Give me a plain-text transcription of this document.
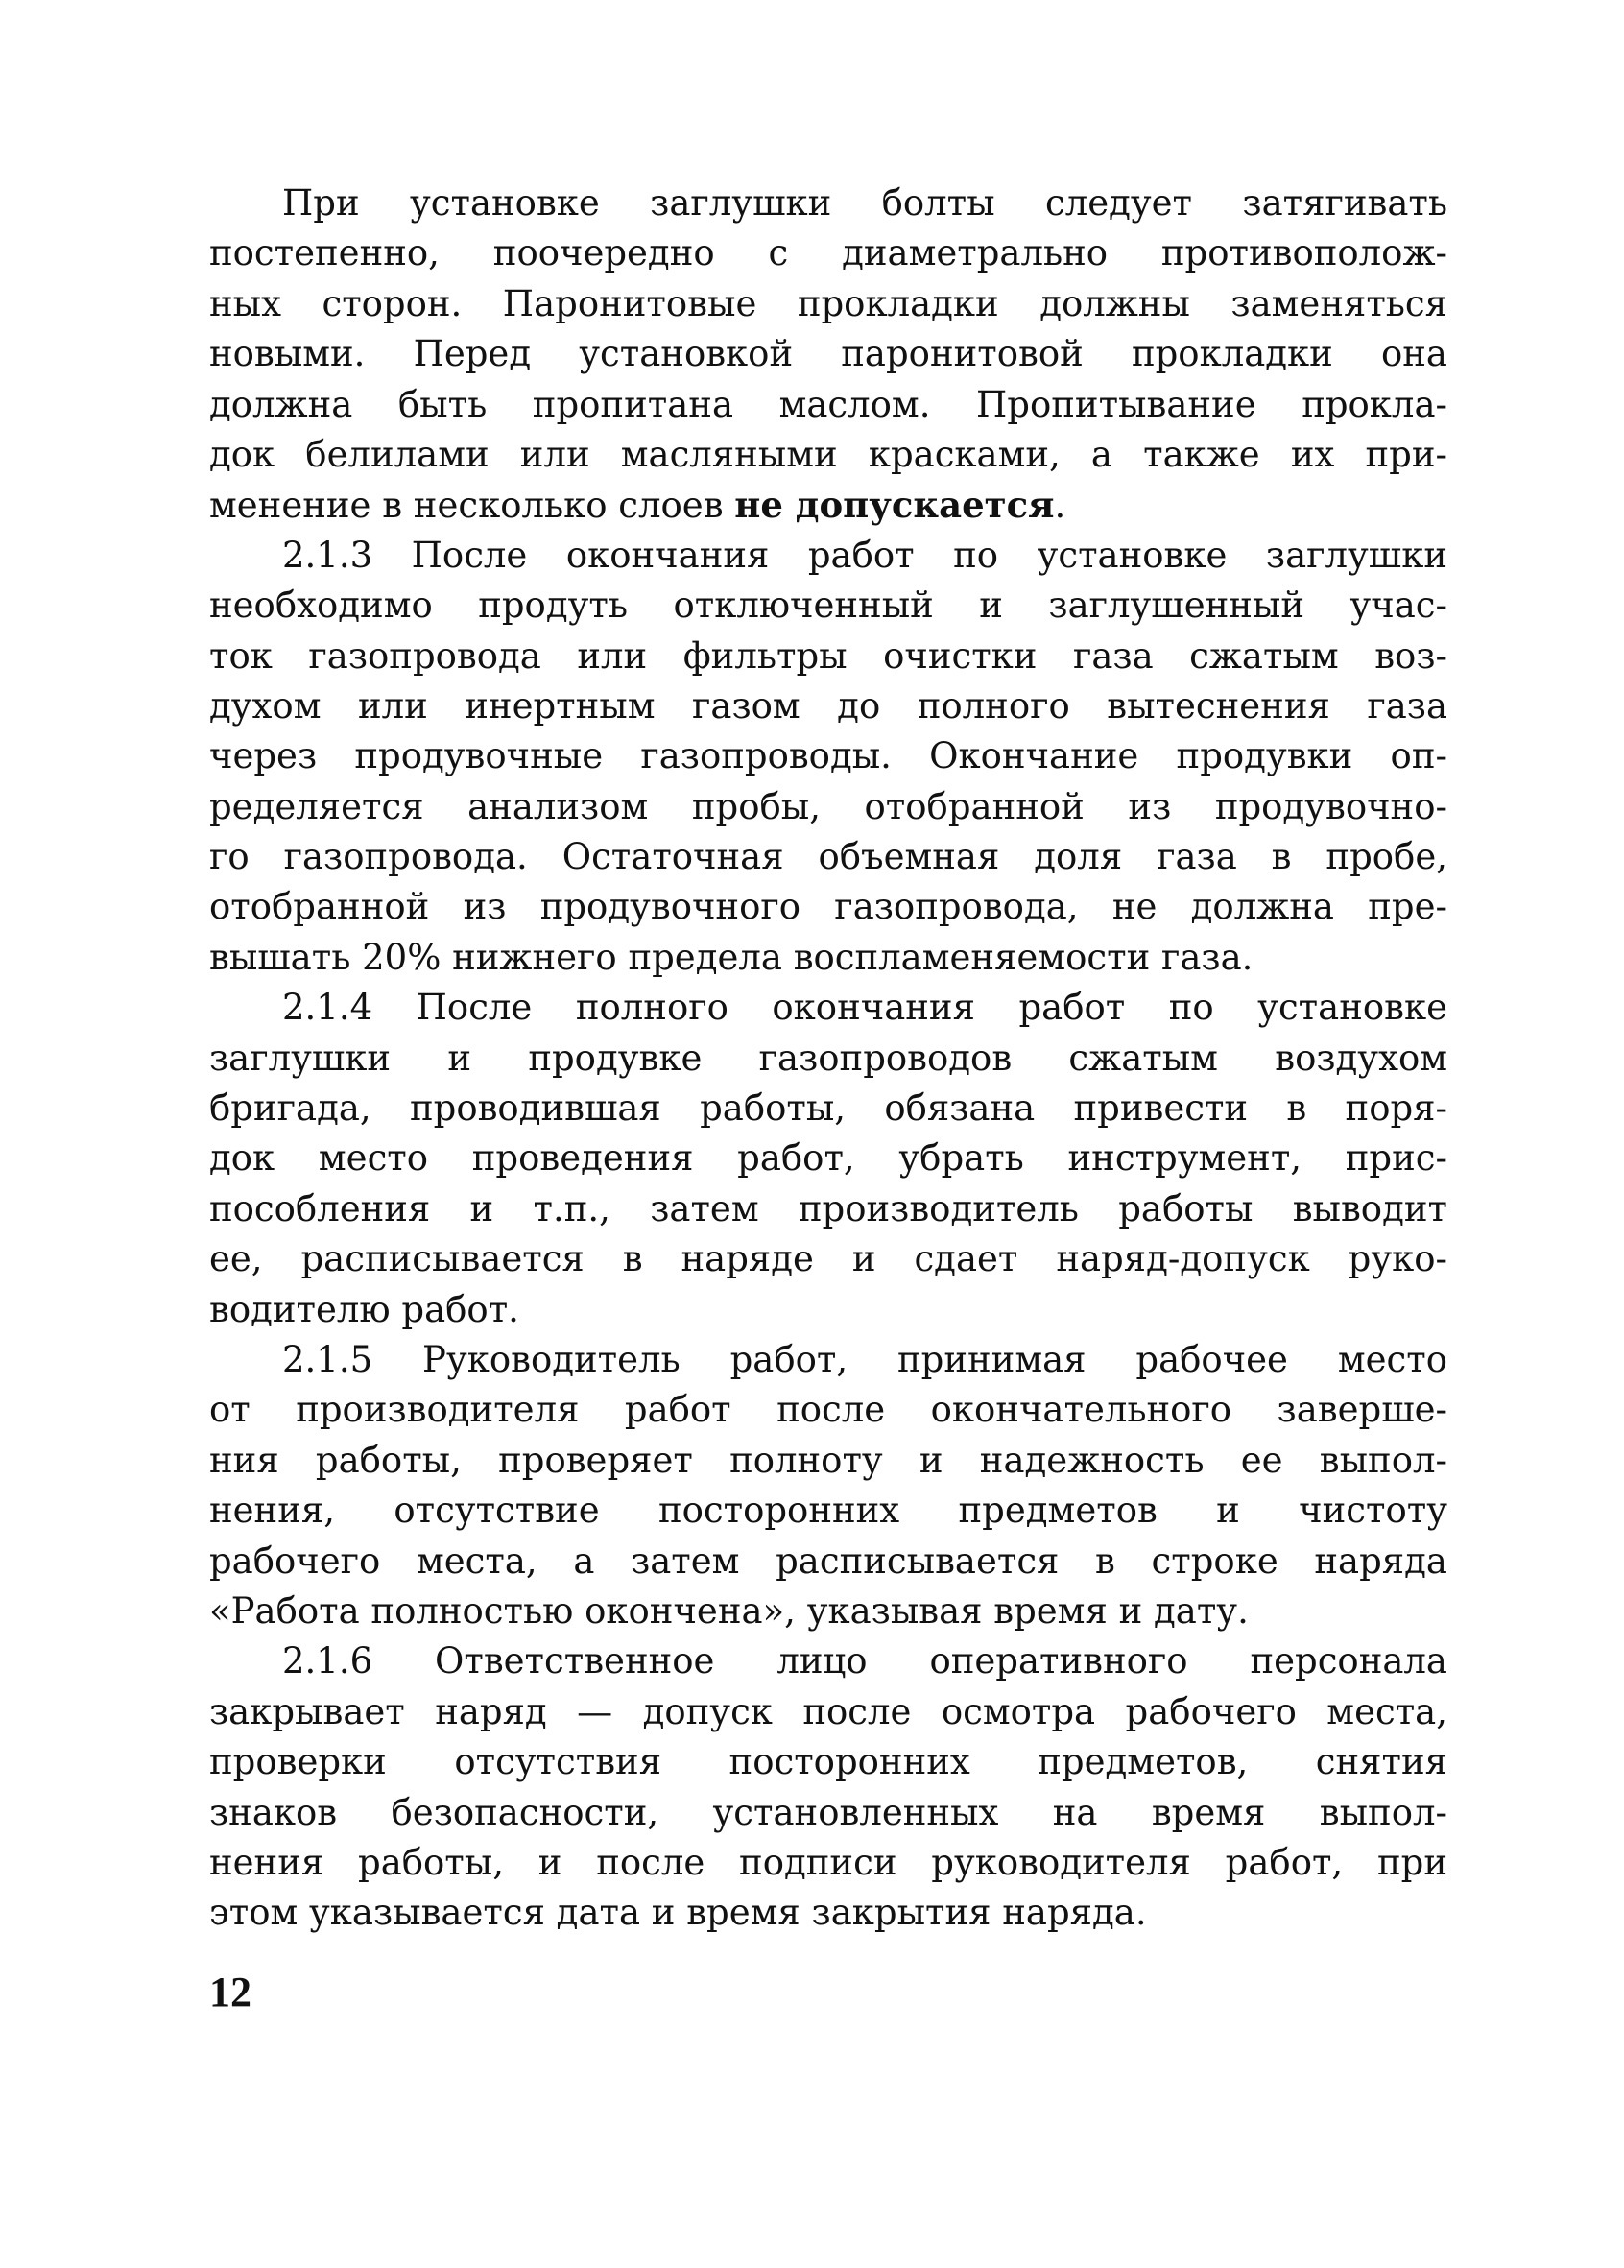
При установке заглушки болты следует затягивать
постепенно, поочередно с диаметрально противополож-
ных сторон. Паронитовые прокладки должны заменяться
новыми. Перед установкой паронитовой прокладки она
должна быть пропитана маслом. Пропитывание прокла-
док белилами или масляными красками, а также их при-
менение в несколько слоев не допускается.
2.1.3 После окончания работ по установке заглушки
необходимо продуть отключенный и заглушенный учас-
ток газопровода или фильтры очистки газа сжатым воз-
духом или инертным газом до полного вытеснения газа
через продувочные газопроводы. Окончание продувки оп-
ределяется анализом пробы, отобранной из продувочно-
го газопровода. Остаточная объемная доля газа в пробе,
отобранной из продувочного газопровода, не должна пре-
вышать 20% нижнего предела воспламеняемости газа.
2.1.4 После полного окончания работ по установке
заглушки и продувке газопроводов сжатым воздухом
бригада, проводившая работы, обязана привести в поря-
док место проведения работ, убрать инструмент, прис-
пособления и т.п., затем производитель работы выводит
ее, расписывается в наряде и сдает наряд-допуск руко-
водителю работ.
2.1.5 Руководитель работ, принимая рабочее место
от производителя работ после окончательного заверше-
ния работы, проверяет полноту и надежность ее выпол-
нения, отсутствие посторонних предметов и чистоту
рабочего места, а затем расписывается в строке наряда
«Работа полностью окончена», указывая время и дату.
2.1.6 Ответственное лицо оперативного персонала
закрывает наряд — допуск после осмотра рабочего места,
проверки отсутствия посторонних предметов, снятия
знаков безопасности, установленных на время выпол-
нения работы, и после подписи руководителя работ, при
этом указывается дата и время закрытия наряда.
12
